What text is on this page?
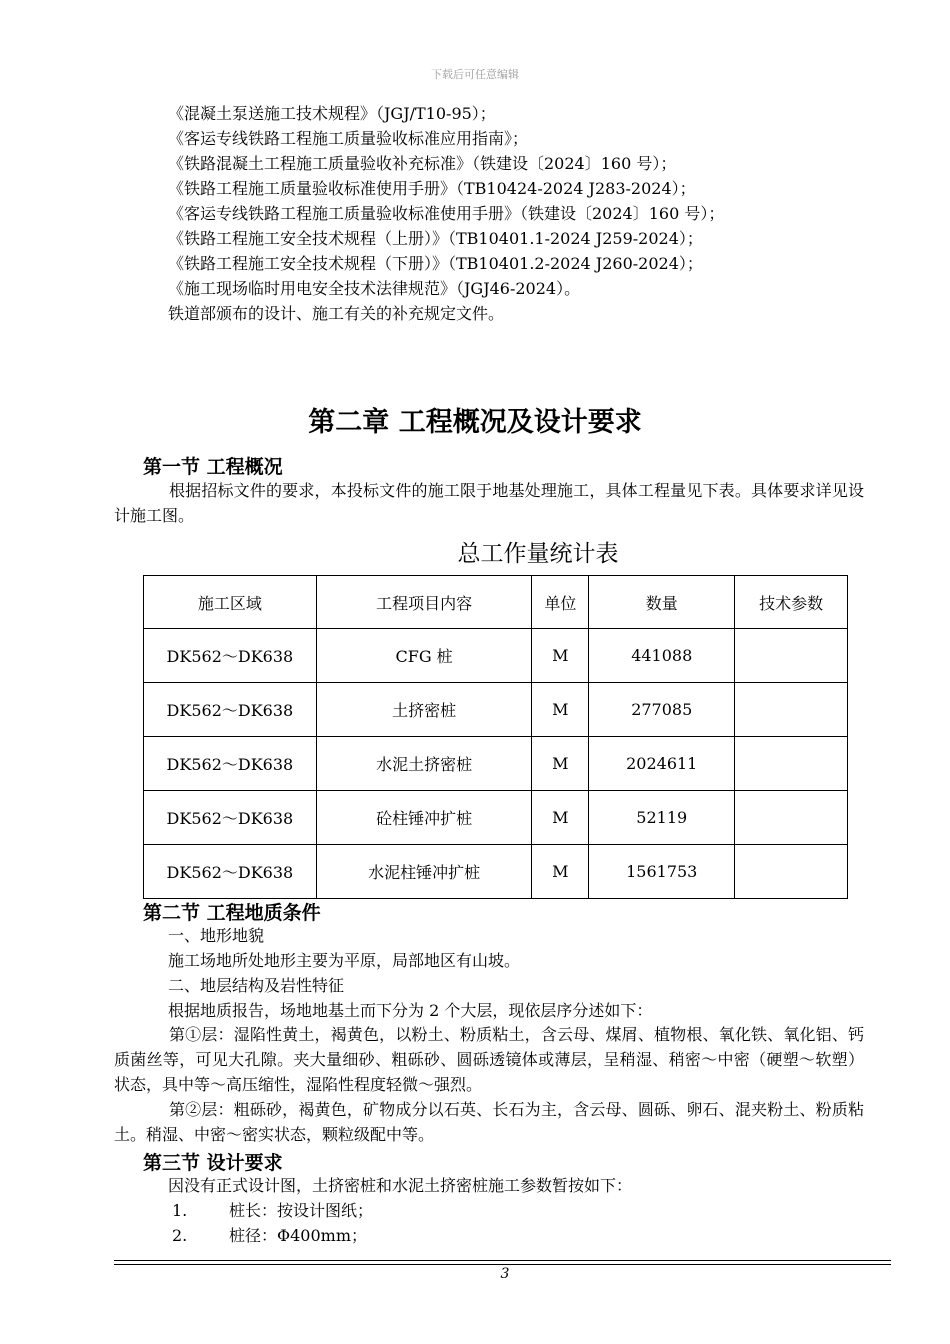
下载后可任意编辑
《混凝土泵送施工技术规程》（JGJ/T10-95）；
《客运专线铁路工程施工质量验收标准应用指南》；
《铁路混凝土工程施工质量验收补充标准》（铁建设〔2024〕160 号）；
《铁路工程施工质量验收标准使用手册》（TB10424-2024 J283-2024）；
《客运专线铁路工程施工质量验收标准使用手册》（铁建设〔2024〕160 号）；
《铁路工程施工安全技术规程（上册）》（TB10401.1-2024 J259-2024）；
《铁路工程施工安全技术规程（下册）》（TB10401.2-2024 J260-2024）；
《施工现场临时用电安全技术法律规范》（JGJ46-2024）。
铁道部颁布的设计、施工有关的补充规定文件。
第二章 工程概况及设计要求
第一节 工程概况
根据招标文件的要求，本投标文件的施工限于地基处理施工，具体工程量见下表。具体要求详见设计施工图。
总工作量统计表
施工区域	工程项目内容	单位	数量	技术参数
DK562～DK638	CFG 桩	M	441088	
DK562～DK638	土挤密桩	M	277085	
DK562～DK638	水泥土挤密桩	M	2024611	
DK562～DK638	砼柱锤冲扩桩	M	52119	
DK562～DK638	水泥柱锤冲扩桩	M	1561753	
第二节 工程地质条件
一、地形地貌
施工场地所处地形主要为平原，局部地区有山坡。
二、地层结构及岩性特征
根据地质报告，场地地基土而下分为 2 个大层，现依层序分述如下：
第①层：湿陷性黄土，褐黄色，以粉土、粉质粘土，含云母、煤屑、植物根、氧化铁、氧化铝、钙质菌丝等，可见大孔隙。夹大量细砂、粗砾砂、圆砾透镜体或薄层，呈稍湿、稍密～中密（硬塑～软塑）状态，具中等～高压缩性，湿陷性程度轻微～强烈。
第②层：粗砾砂，褐黄色，矿物成分以石英、长石为主，含云母、圆砾、卵石、混夹粉土、粉质粘土。稍湿、中密～密实状态，颗粒级配中等。
第三节 设计要求
因没有正式设计图，土挤密桩和水泥土挤密桩施工参数暂按如下：
1.	桩长：按设计图纸；
2.	桩径：Φ400mm；
3
